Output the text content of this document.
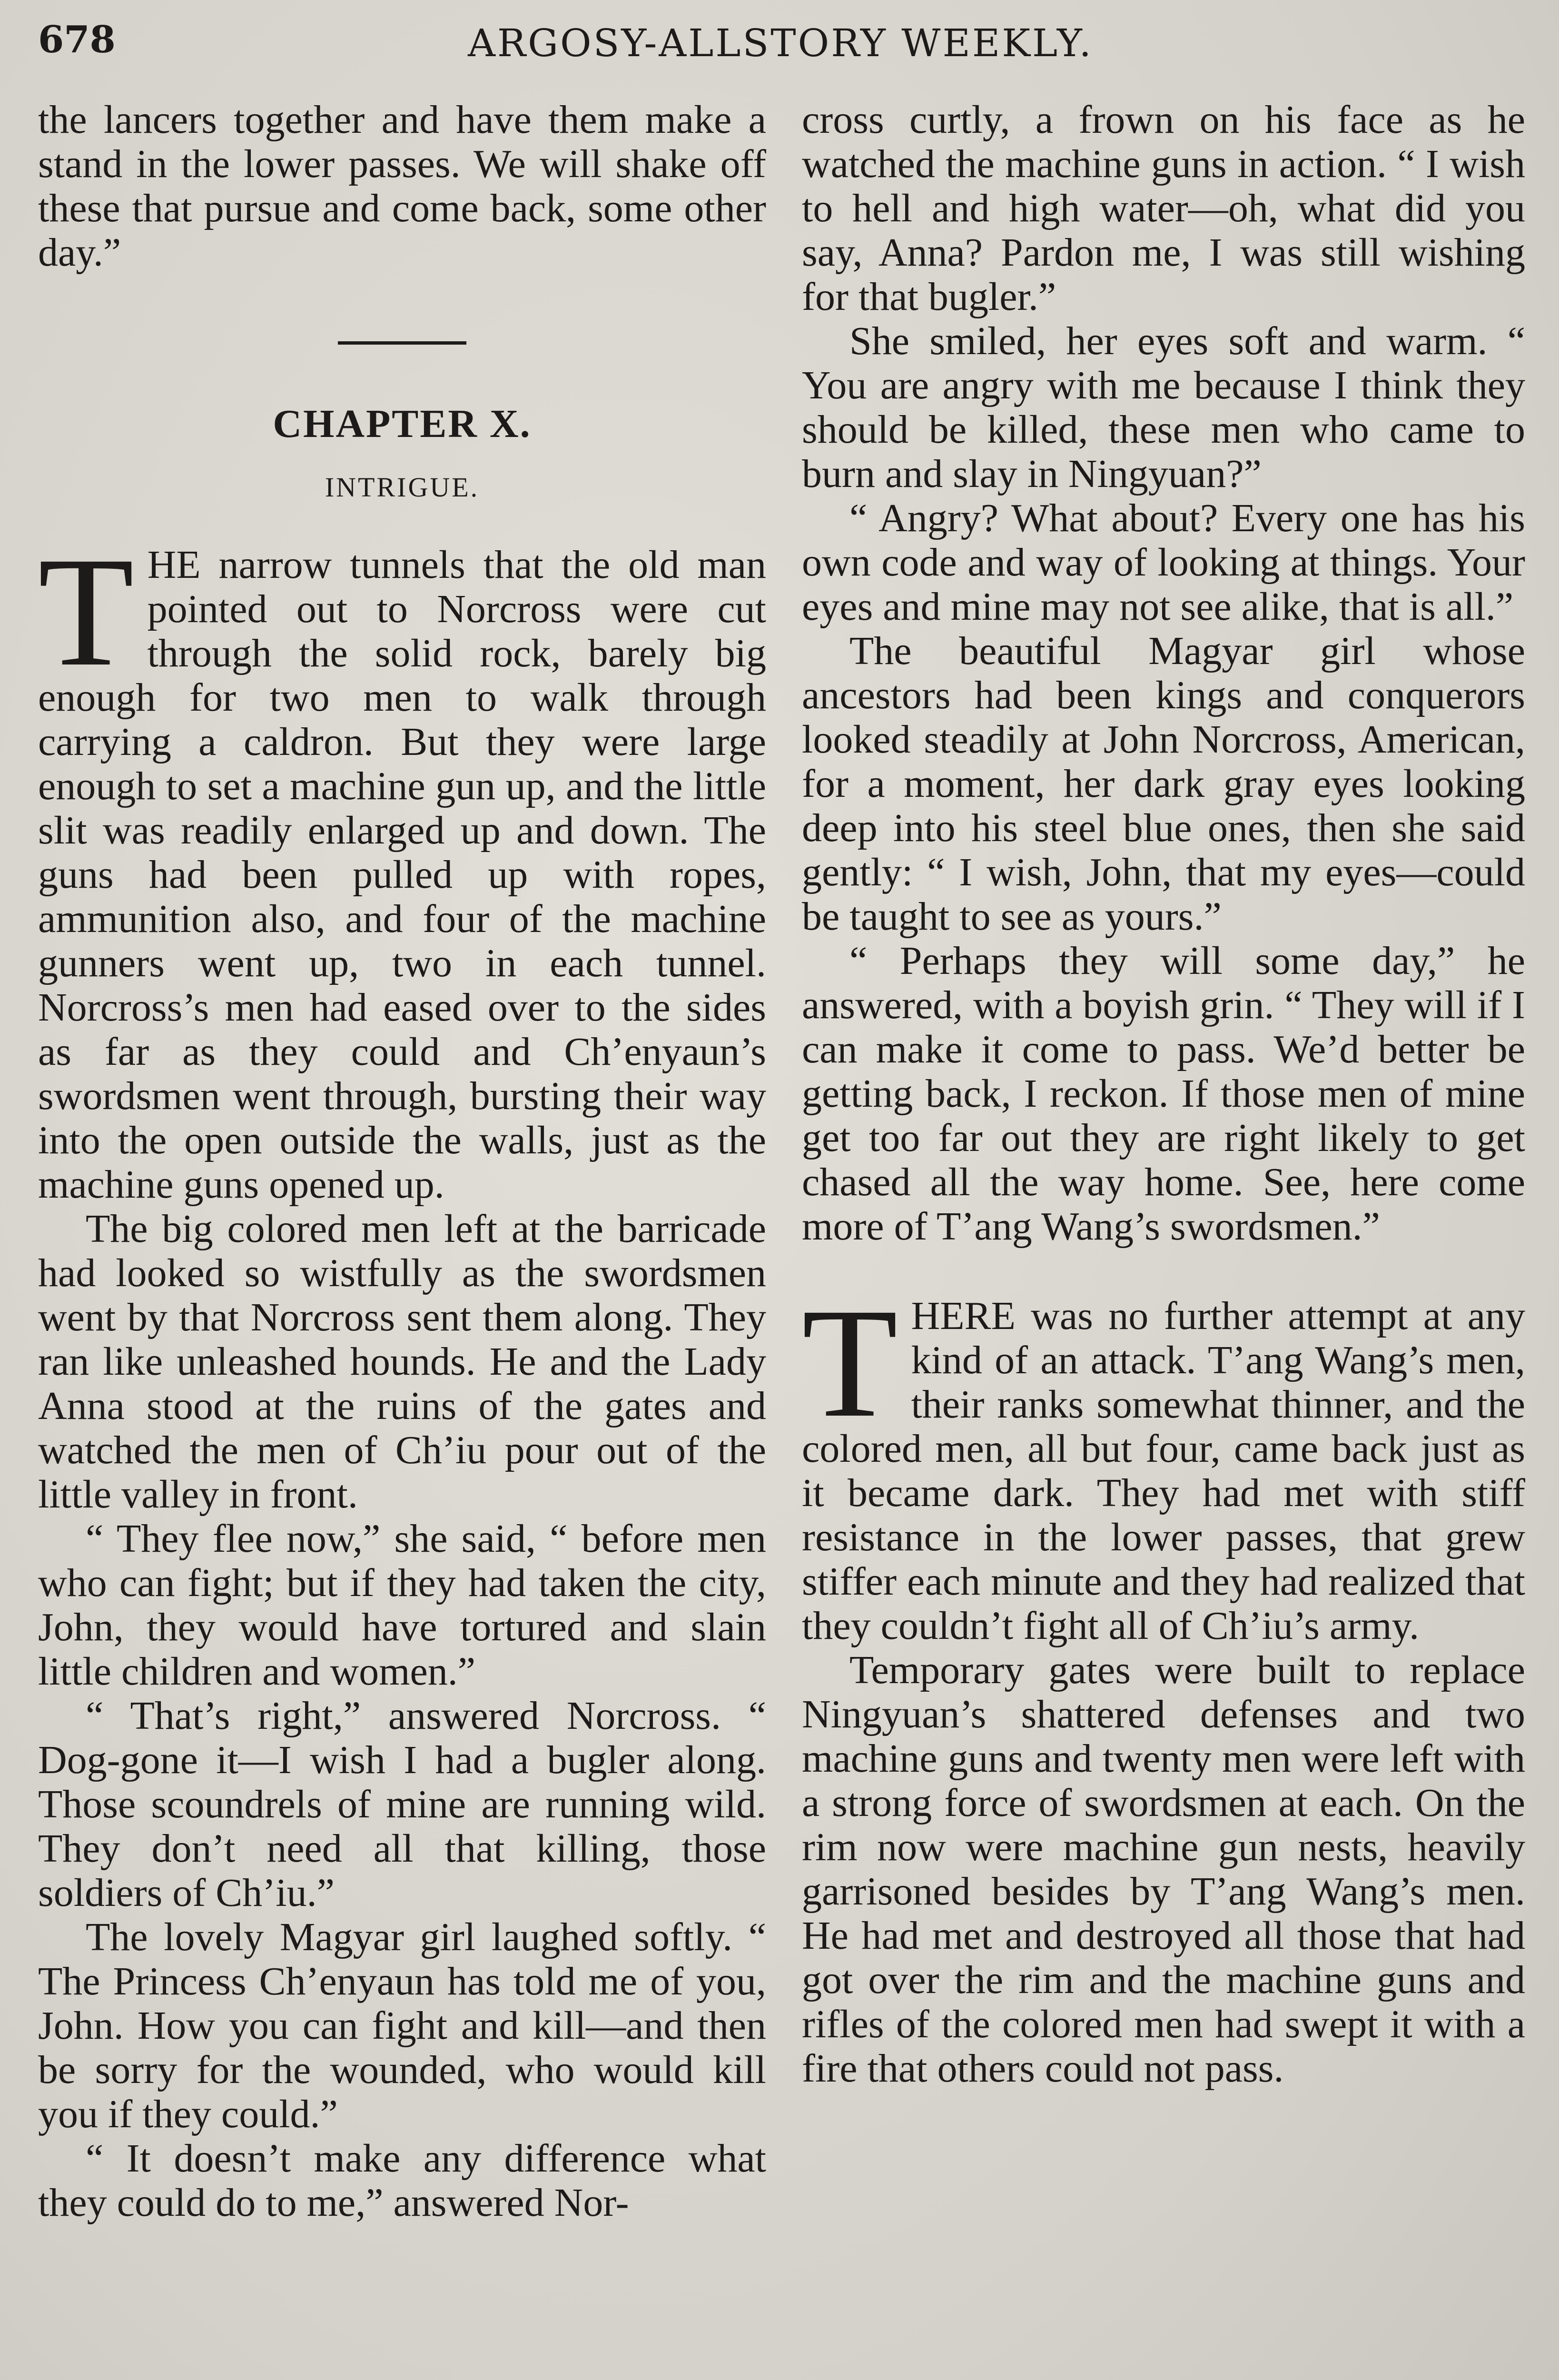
678	ARGOSY-ALLSTORY WEEKLY.

the lancers together and have them make a stand in the lower passes. We will shake off these that pursue and come back, some other day.”

CHAPTER X.
INTRIGUE.

THE narrow tunnels that the old man pointed out to Norcross were cut through the solid rock, barely big enough for two men to walk through carrying a caldron. But they were large enough to set a machine gun up, and the little slit was readily enlarged up and down. The guns had been pulled up with ropes, ammunition also, and four of the machine gunners went up, two in each tunnel. Norcross’s men had eased over to the sides as far as they could and Ch’enyaun’s swordsmen went through, bursting their way into the open outside the walls, just as the machine guns opened up.

The big colored men left at the barricade had looked so wistfully as the swordsmen went by that Norcross sent them along. They ran like unleashed hounds. He and the Lady Anna stood at the ruins of the gates and watched the men of Ch’iu pour out of the little valley in front.

“ They flee now,” she said, “ before men who can fight; but if they had taken the city, John, they would have tortured and slain little children and women.”

“ That’s right,” answered Norcross. “ Dog-gone it—I wish I had a bugler along. Those scoundrels of mine are running wild. They don’t need all that killing, those soldiers of Ch’iu.”

The lovely Magyar girl laughed softly. “ The Princess Ch’enyaun has told me of you, John. How you can fight and kill—and then be sorry for the wounded, who would kill you if they could.”

“ It doesn’t make any difference what they could do to me,” answered Nor-

cross curtly, a frown on his face as he watched the machine guns in action. “ I wish to hell and high water—oh, what did you say, Anna? Pardon me, I was still wishing for that bugler.”

She smiled, her eyes soft and warm. “ You are angry with me because I think they should be killed, these men who came to burn and slay in Ningyuan?”

“ Angry? What about? Every one has his own code and way of looking at things. Your eyes and mine may not see alike, that is all.”

The beautiful Magyar girl whose ancestors had been kings and conquerors looked steadily at John Norcross, American, for a moment, her dark gray eyes looking deep into his steel blue ones, then she said gently: “ I wish, John, that my eyes—could be taught to see as yours.”

“ Perhaps they will some day,” he answered, with a boyish grin. “ They will if I can make it come to pass. We’d better be getting back, I reckon. If those men of mine get too far out they are right likely to get chased all the way home. See, here come more of T’ang Wang’s swordsmen.”

THERE was no further attempt at any kind of an attack. T’ang Wang’s men, their ranks somewhat thinner, and the colored men, all but four, came back just as it became dark. They had met with stiff resistance in the lower passes, that grew stiffer each minute and they had realized that they couldn’t fight all of Ch’iu’s army.

Temporary gates were built to replace Ningyuan’s shattered defenses and two machine guns and twenty men were left with a strong force of swordsmen at each. On the rim now were machine gun nests, heavily garrisoned besides by T’ang Wang’s men. He had met and destroyed all those that had got over the rim and the machine guns and rifles of the colored men had swept it with a fire that others could not pass.
